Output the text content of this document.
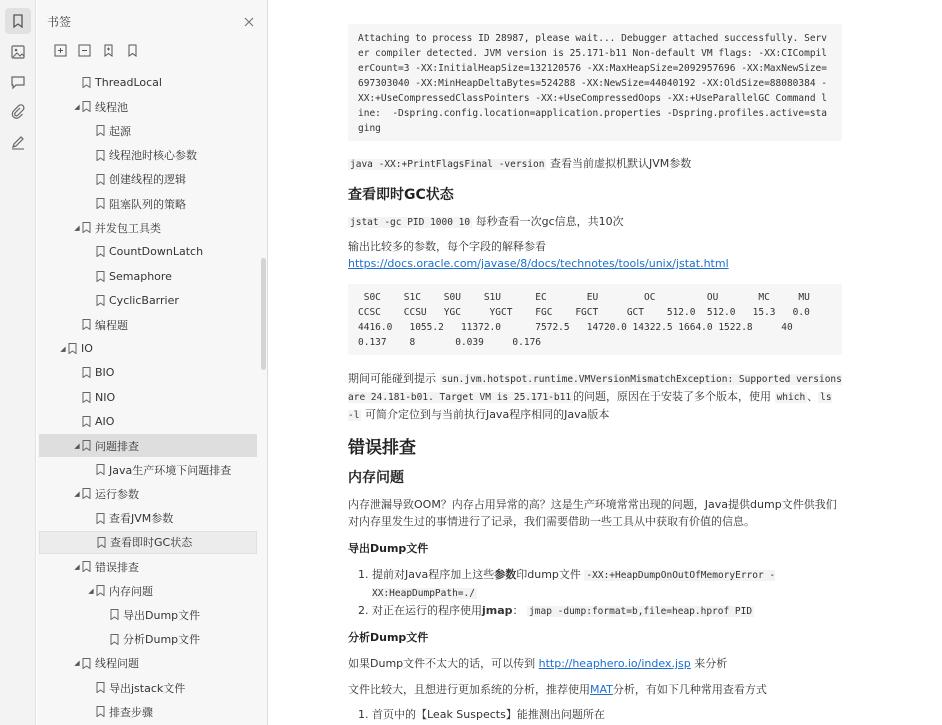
书签
ThreadLocal
◢ 线程池
起源
线程池时核心参数
创建线程的逻辑
阻塞队列的策略
◢ 并发包工具类
CountDownLatch
Semaphore
CyclicBarrier
编程题
◢ IO
BIO
NIO
AIO
◢ 问题排查
Java生产环境下问题排查
◢ 运行参数
查看JVM参数
查看即时GC状态
◢ 错误排查
◢ 内存问题
导出Dump文件
分析Dump文件
◢ 线程问题
导出jstack文件
排查步骤
Attaching to process ID 28987, please wait... Debugger attached successfully. Server compiler detected. JVM version is 25.171-b11 Non-default VM flags: -XX:CICompilerCount=3 -XX:InitialHeapSize=132120576 -XX:MaxHeapSize=2092957696 -XX:MaxNewSize=697303040 -XX:MinHeapDeltaBytes=524288 -XX:NewSize=44040192 -XX:OldSize=88080384 -XX:+UseCompressedClassPointers -XX:+UseCompressedOops -XX:+UseParallelGC Command line:  -Dspring.config.location=application.properties -Dspring.profiles.active=staging
java -XX:+PrintFlagsFinal -version 查看当前虚拟机默认JVM参数
查看即时GC状态
jstat -gc PID 1000 10 每秒查看一次gc信息，共10次
输出比较多的参数，每个字段的解释参看 https://docs.oracle.com/javase/8/docs/technotes/tools/unix/jstat.html
S0C    S1C    S0U    S1U      EC       EU        OC         OU       MC     MU
CCSC    CCSU   YGC     YGCT    FGC    FGCT     GCT    512.0  512.0   15.3   0.0
4416.0   1055.2   11372.0      7572.5   14720.0 14322.5 1664.0 1522.8     40
0.137    8       0.039     0.176
期间可能碰到提示 sun.jvm.hotspot.runtime.VMVersionMismatchException: Supported versions are 24.181-b01. Target VM is 25.171-b11 的问题，原因在于安装了多个版本，使用 which 、 ls -l 可简介定位到与当前执行Java程序相同的Java版本
错误排查
内存问题
内存泄漏导致OOM？内存占用异常的高？这是生产环境常常出现的问题，Java提供dump文件供我们对内存里发生过的事情进行了记录，我们需要借助一些工具从中获取有价值的信息。
导出Dump文件
1. 提前对Java程序加上这些参数印dump文件 -XX:+HeapDumpOnOutOfMemoryError -XX:HeapDumpPath=./
2. 对正在运行的程序使用jmap： jmap -dump:format=b,file=heap.hprof PID
分析Dump文件
如果Dump文件不太大的话，可以传到 http://heaphero.io/index.jsp 来分析
文件比较大，且想进行更加系统的分析，推荐使用MAT分析，有如下几种常用查看方式
1. 首页中的【Leak Suspects】能推测出问题所在
